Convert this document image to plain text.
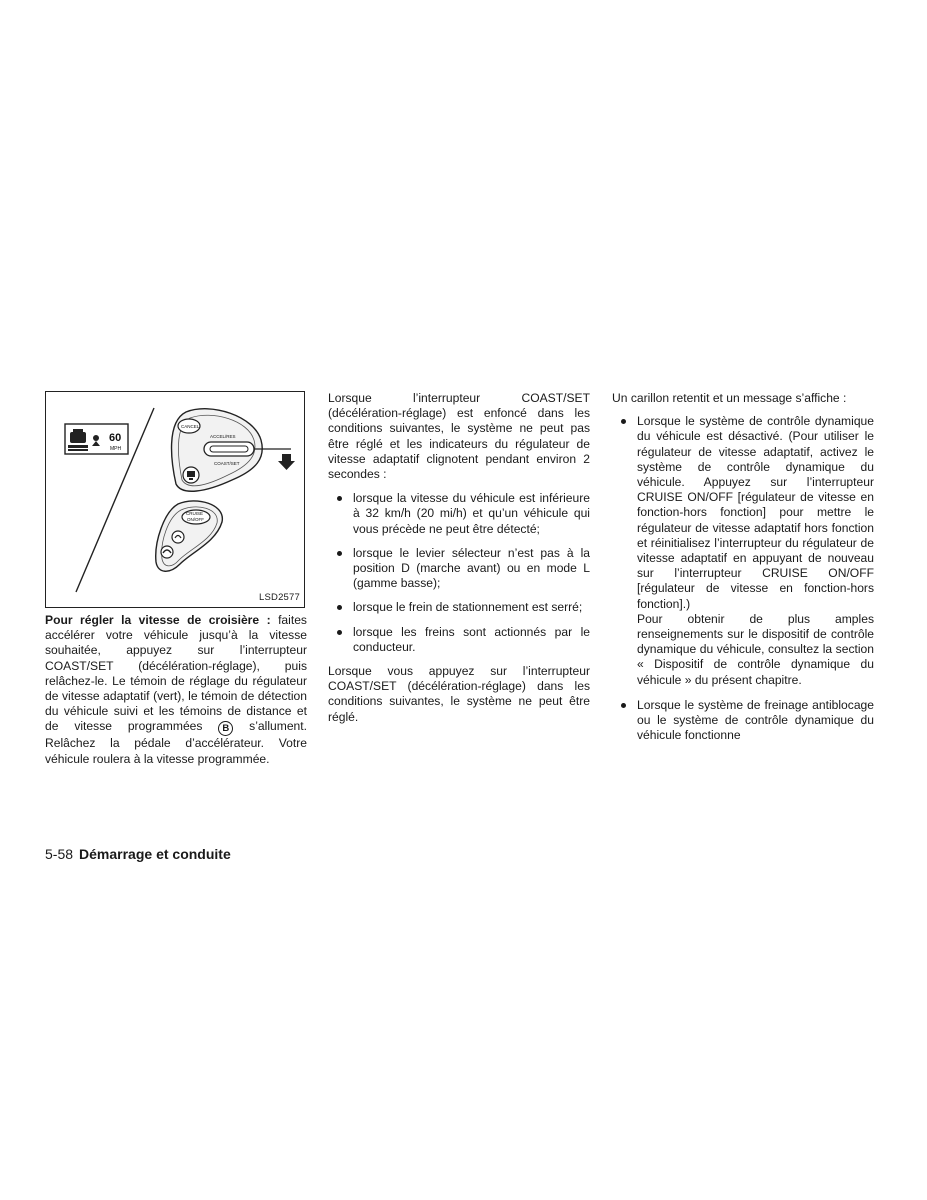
60
MPH
CANCEL
ACCEL/RES
COAST/SET
CRUISE
ON/OFF
LSD2577

Pour régler la vitesse de croisière : faites accélérer votre véhicule jusqu’à la vitesse souhaitée, appuyez sur l’interrupteur COAST/SET (décélération-réglage), puis relâchez-le. Le témoin de réglage du régulateur de vitesse adaptatif (vert), le témoin de détection du véhicule suivi et les témoins de distance et de vitesse programmées B s’allument. Relâchez la pédale d’accélérateur. Votre véhicule roulera à la vitesse programmée.

Lorsque l’interrupteur COAST/SET (décélération-réglage) est enfoncé dans les conditions suivantes, le système ne peut pas être réglé et les indicateurs du régulateur de vitesse adaptatif clignotent pendant environ 2 secondes :

lorsque la vitesse du véhicule est inférieure à 32 km/h (20 mi/h) et qu’un véhicule qui vous précède ne peut être détecté;
lorsque le levier sélecteur n’est pas à la position D (marche avant) ou en mode L (gamme basse);
lorsque le frein de stationnement est serré;
lorsque les freins sont actionnés par le conducteur.

Lorsque vous appuyez sur l’interrupteur COAST/SET (décélération-réglage) dans les conditions suivantes, le système ne peut être réglé.

Un carillon retentit et un message s’affiche :

Lorsque le système de contrôle dynamique du véhicule est désactivé. (Pour utiliser le régulateur de vitesse adaptatif, activez le système de contrôle dynamique du véhicule. Appuyez sur l’interrupteur CRUISE ON/OFF [régulateur de vitesse en fonction-hors fonction] pour mettre le régulateur de vitesse adaptatif hors fonction et réinitialisez l’interrupteur du régulateur de vitesse adaptatif en appuyant de nouveau sur l’interrupteur CRUISE ON/OFF [régulateur de vitesse en fonction-hors fonction].)

Pour obtenir de plus amples renseignements sur le dispositif de contrôle dynamique du véhicule, consultez la section « Dispositif de contrôle dynamique du véhicule » du présent chapitre.

Lorsque le système de freinage antiblocage ou le système de contrôle dynamique du véhicule fonctionne
5-58 Démarrage et conduite
